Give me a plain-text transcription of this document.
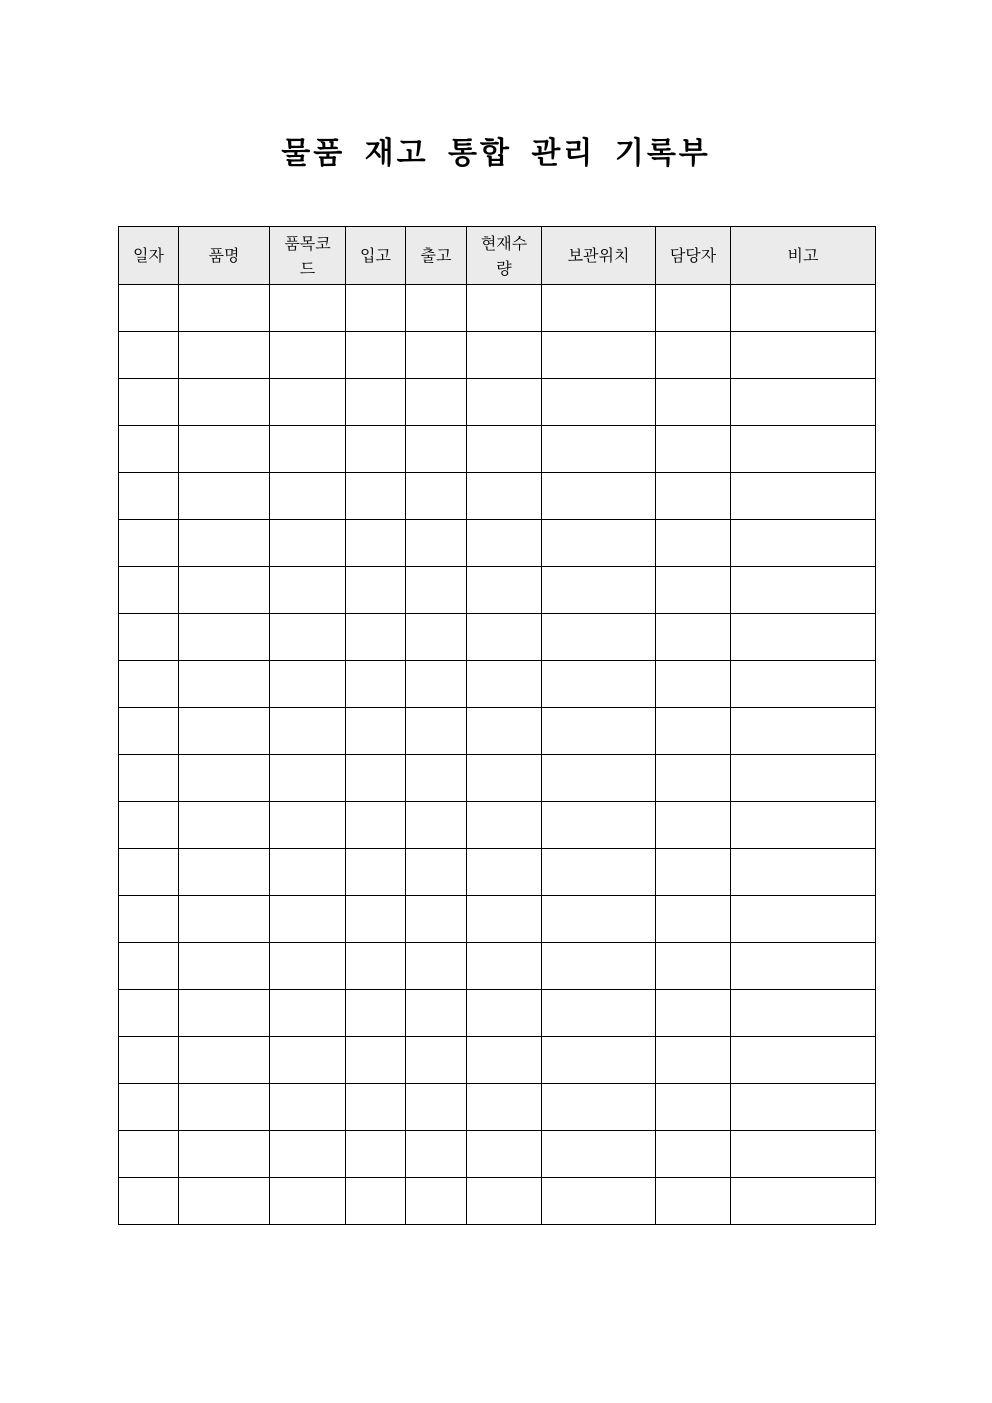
물품 재고 통합 관리 기록부
일자	품명	품목코드	입고	출고	현재수량	보관위치	담당자	비고
